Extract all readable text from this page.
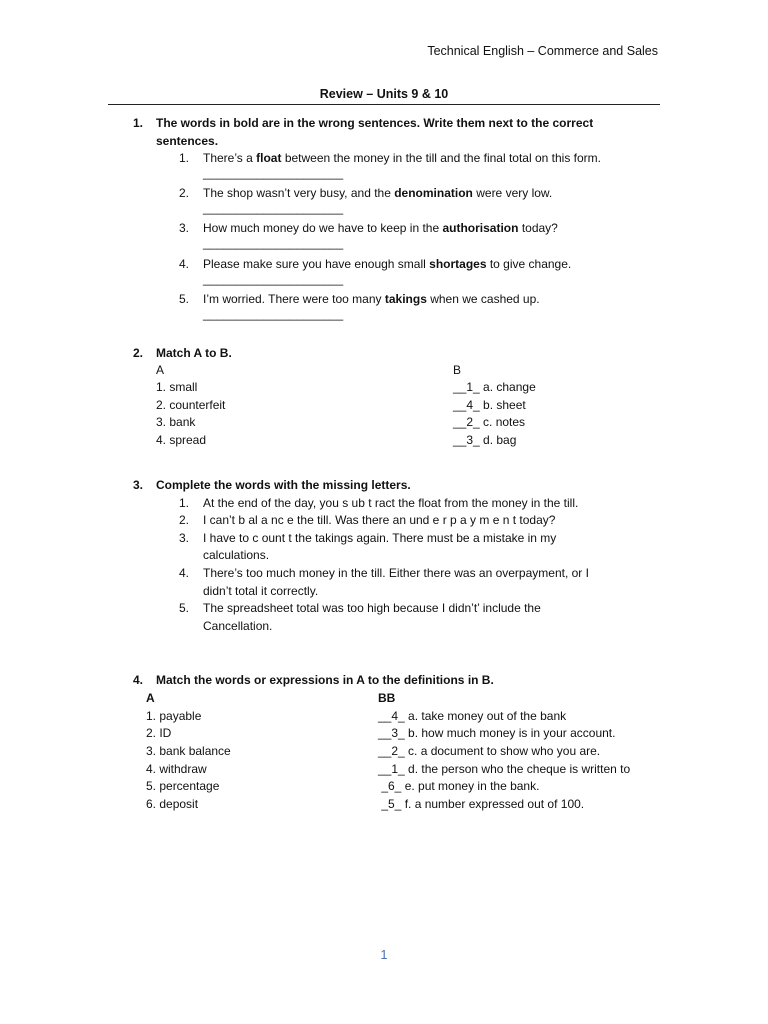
Technical English – Commerce and Sales
Review – Units 9 & 10
1. The words in bold are in the wrong sentences. Write them next to the correct
sentences.
1. There’s a float between the money in the till and the final total on this form.
_____________________
2. The shop wasn’t very busy, and the denomination were very low.
_____________________
3. How much money do we have to keep in the authorisation today?
_____________________
4. Please make sure you have enough small shortages to give change.
_____________________
5. I’m worried. There were too many takings when we cashed up.
_____________________
2. Match A to B.
A	B
1. small
2. counterfeit
3. bank
4. spread
__1_ a. change
__4_ b. sheet
__2_ c. notes
__3_ d. bag
3. Complete the words with the missing letters.
1. At the end of the day, you s ub t ract the float from the money in the till.
2. I can’t b al a nc e the till. Was there an und e r p a y m e n t today?
3. I have to c ount t the takings again. There must be a mistake in my
calculations.
4. There’s too much money in the till. Either there was an overpayment, or I
didn’t total it correctly.
5. The spreadsheet total was too high because I didn’t’ include the
Cancellation.
4. Match the words or expressions in A to the definitions in B.
A	BB
1. payable
2. ID
3. bank balance
4. withdraw
5. percentage
6. deposit
__4_ a. take money out of the bank
__3_ b. how much money is in your account.
__2_ c. a document to show who you are.
__1_ d. the person who the cheque is written to
_6_ e. put money in the bank.
_5_ f. a number expressed out of 100.
1
